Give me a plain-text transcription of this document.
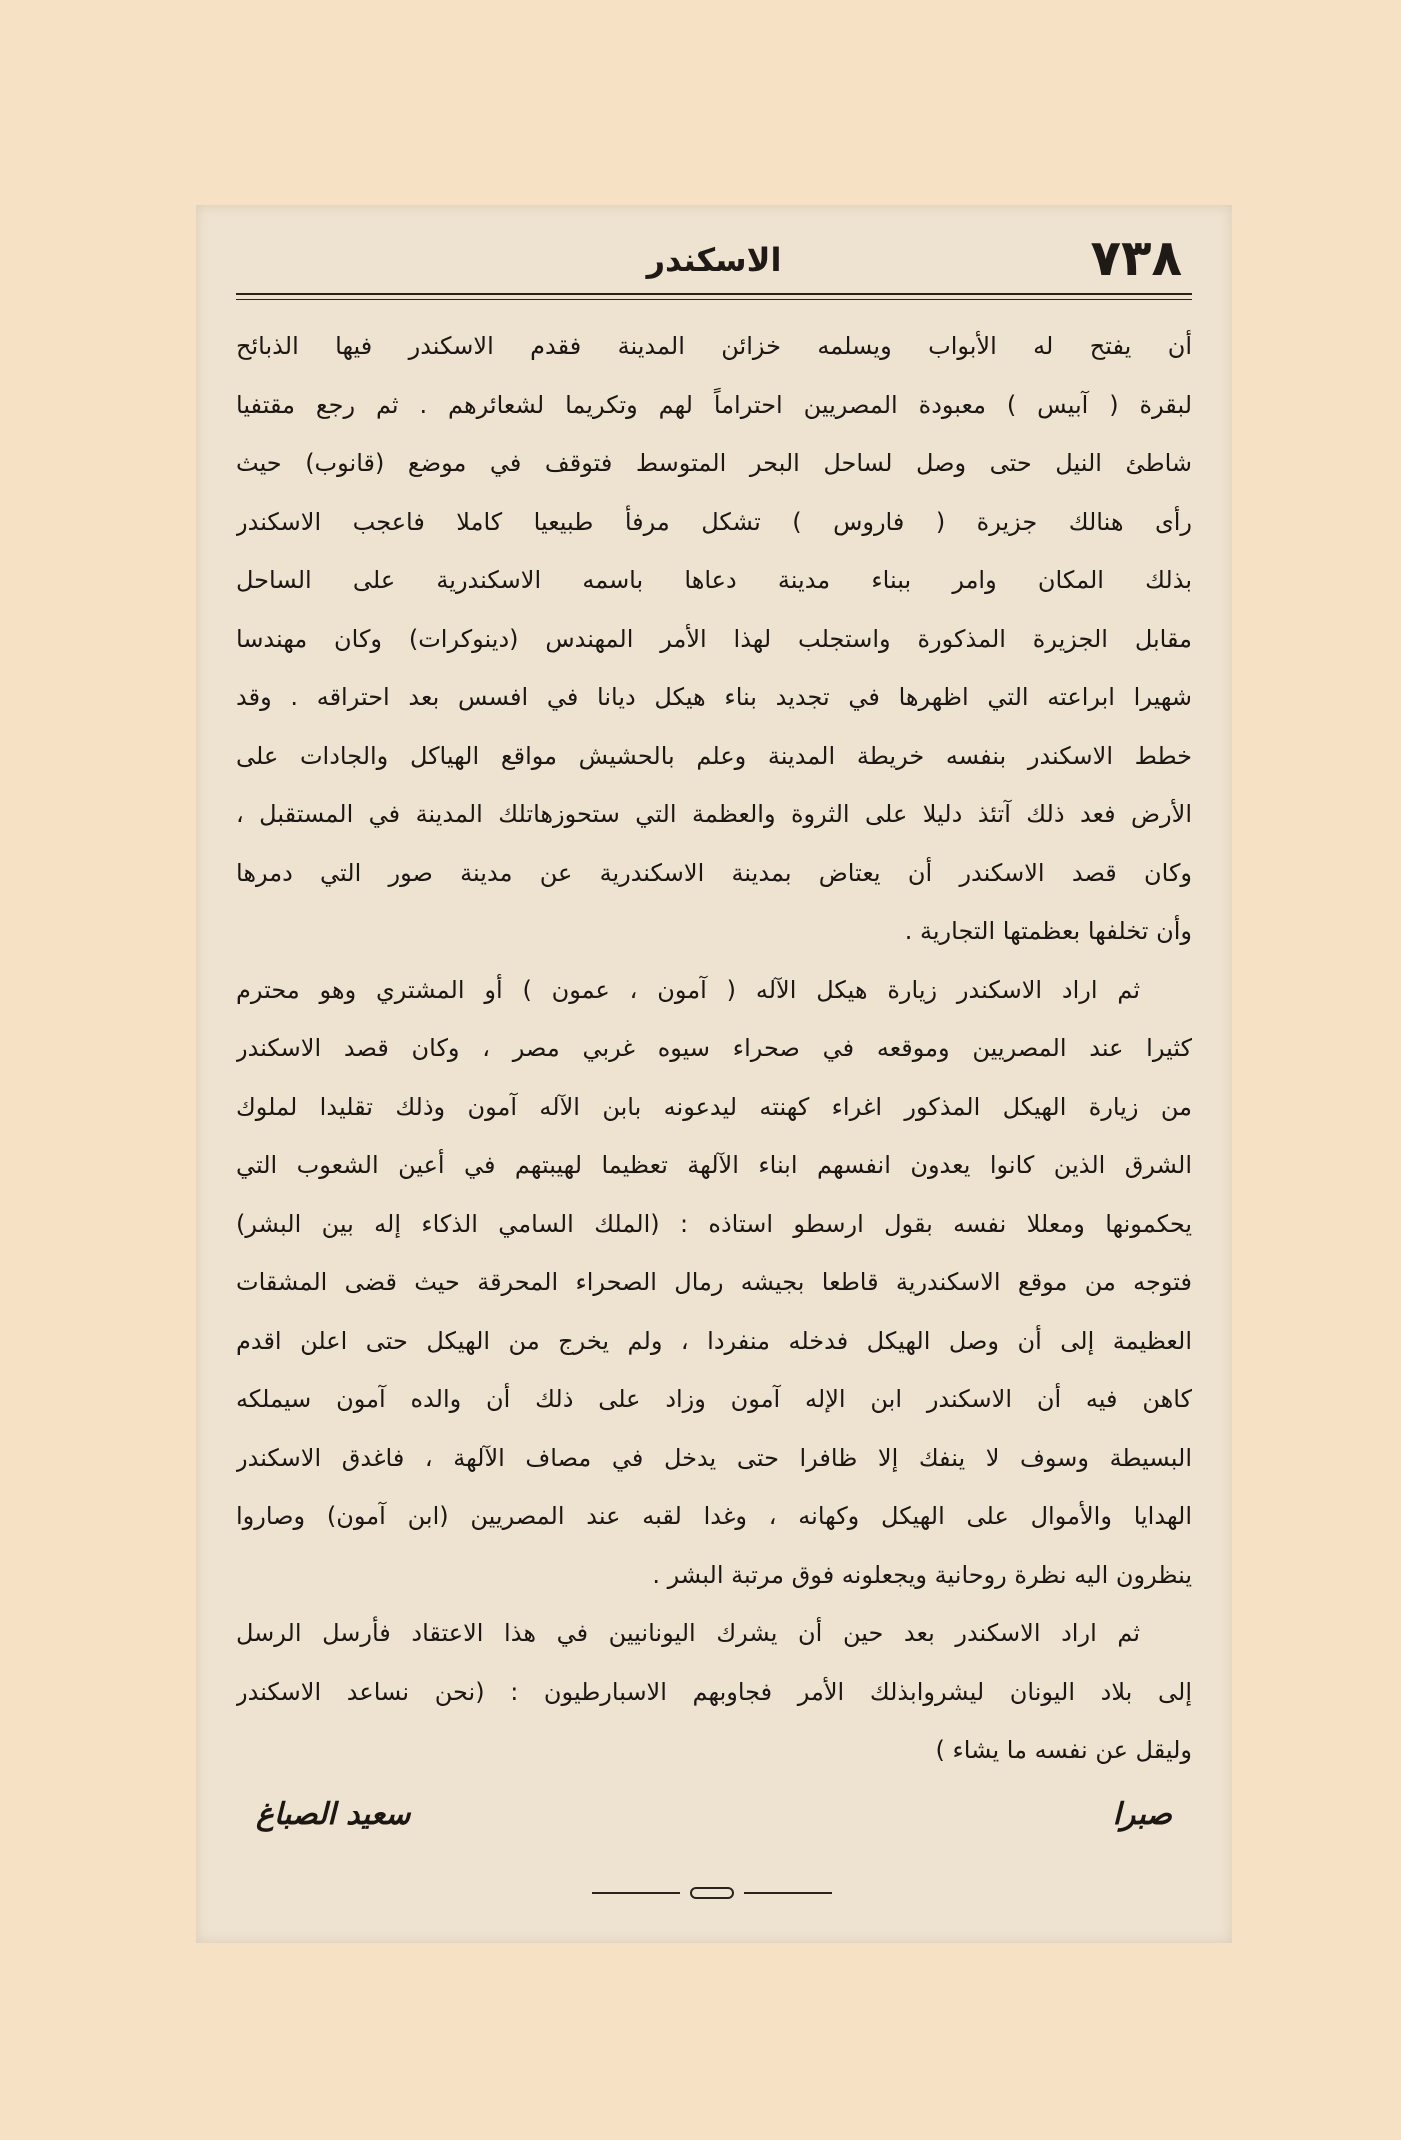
٧٣٨
الاسكندر
أن يفتح له الأبواب ويسلمه خزائن المدينة فقدم الاسكندر فيها الذبائح
لبقرة ( آبيس ) معبودة المصريين احتراماً لهم وتكريما لشعائرهم . ثم رجع مقتفيا
شاطئ النيل حتى وصل لساحل البحر المتوسط فتوقف في موضع (قانوب) حيث
رأى هنالك جزيرة ( فاروس ) تشكل مرفأ طبيعيا كاملا فاعجب الاسكندر
بذلك المكان وامر ببناء مدينة دعاها باسمه الاسكندرية على الساحل
مقابل الجزيرة المذكورة واستجلب لهذا الأمر المهندس (دينوكرات) وكان مهندسا
شهيرا ابراعته التي اظهرها في تجديد بناء هيكل ديانا في افسس بعد احتراقه . وقد
خطط الاسكندر بنفسه خريطة المدينة وعلم بالحشيش مواقع الهياكل والجادات على
الأرض فعد ذلك آتئذ دليلا على الثروة والعظمة التي ستحوزهاتلك المدينة في المستقبل ،
وكان قصد الاسكندر أن يعتاض بمدينة الاسكندرية عن مدينة صور التي دمرها
وأن تخلفها بعظمتها التجارية .
ثم اراد الاسكندر زيارة هيكل الآله ( آمون ، عمون ) أو المشتري وهو محترم
كثيرا عند المصريين وموقعه في صحراء سيوه غربي مصر ، وكان قصد الاسكندر
من زيارة الهيكل المذكور اغراء كهنته ليدعونه بابن الآله آمون وذلك تقليدا لملوك
الشرق الذين كانوا يعدون انفسهم ابناء الآلهة تعظيما لهيبتهم في أعين الشعوب التي
يحكمونها ومعللا نفسه بقول ارسطو استاذه : (الملك السامي الذكاء إله بين البشر)
فتوجه من موقع الاسكندرية قاطعا بجيشه رمال الصحراء المحرقة حيث قضى المشقات
العظيمة إلى أن وصل الهيكل فدخله منفردا ، ولم يخرج من الهيكل حتى اعلن اقدم
كاهن فيه أن الاسكندر ابن الإله آمون وزاد على ذلك أن والده آمون سيملكه
البسيطة وسوف لا ينفك إلا ظافرا حتى يدخل في مصاف الآلهة ، فاغدق الاسكندر
الهدايا والأموال على الهيكل وكهانه ، وغدا لقبه عند المصريين (ابن آمون) وصاروا
ينظرون اليه نظرة روحانية ويجعلونه فوق مرتبة البشر .
ثم اراد الاسكندر بعد حين أن يشرك اليونانيين في هذا الاعتقاد فأرسل الرسل
إلى بلاد اليونان ليشروابذلك الأمر فجاوبهم الاسبارطيون : (نحن نساعد الاسكندر
وليقل عن نفسه ما يشاء )
صبرا
سعيد الصباغ
